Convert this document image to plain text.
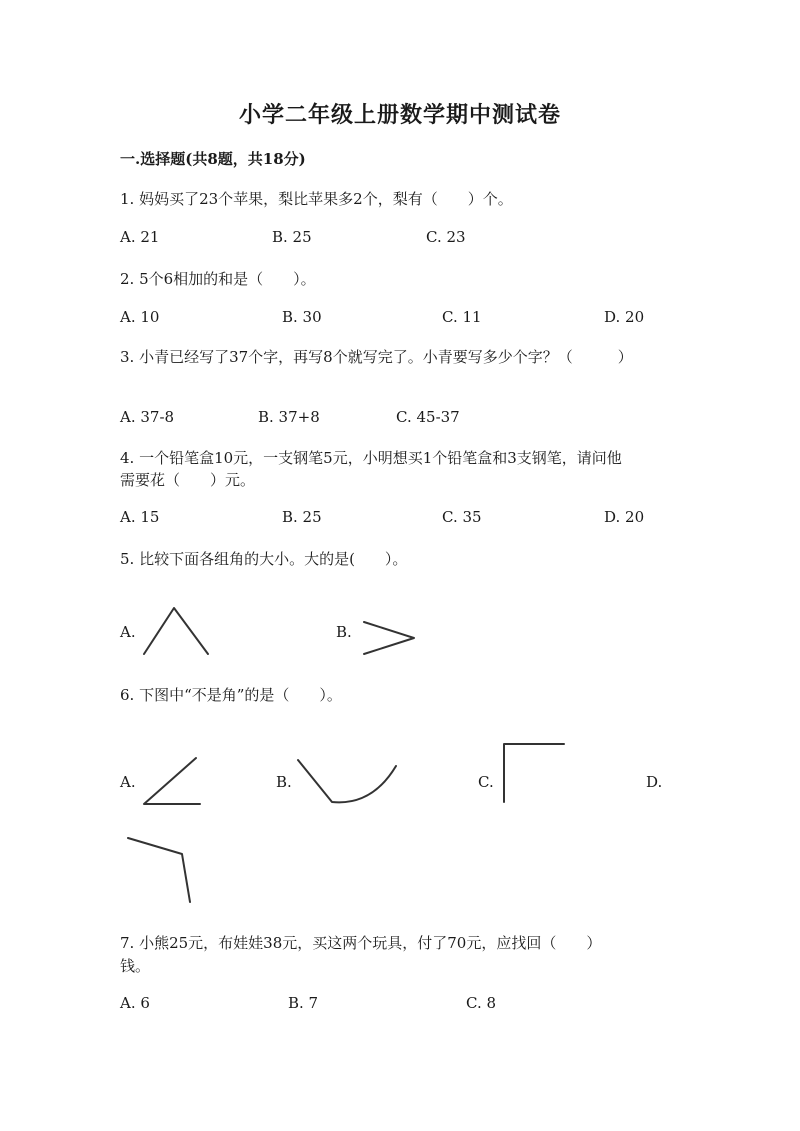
小学二年级上册数学期中测试卷
一.选择题(共8题，共18分)
1. 妈妈买了23个苹果，梨比苹果多2个，梨有（　　）个。
A. 21	B. 25	C. 23
2. 5个6相加的和是（　　）。
A. 10	B. 30	C. 11	D. 20
3. 小青已经写了37个字，再写8个就写完了。小青要写多少个字？（　　　）
A. 37-8	B. 37+8	C. 45-37
4. 一个铅笔盒10元，一支钢笔5元，小明想买1个铅笔盒和3支钢笔，请问他
需要花（　　）元。
A. 15	B. 25	C. 35	D. 20
5. 比较下面各组角的大小。大的是(　　）。
A.	B.
6. 下图中“不是角”的是（　　）。
A.	B.	C.	D.
7. 小熊25元，布娃娃38元，买这两个玩具，付了70元，应找回（　　）
钱。
A. 6	B. 7	C. 8
